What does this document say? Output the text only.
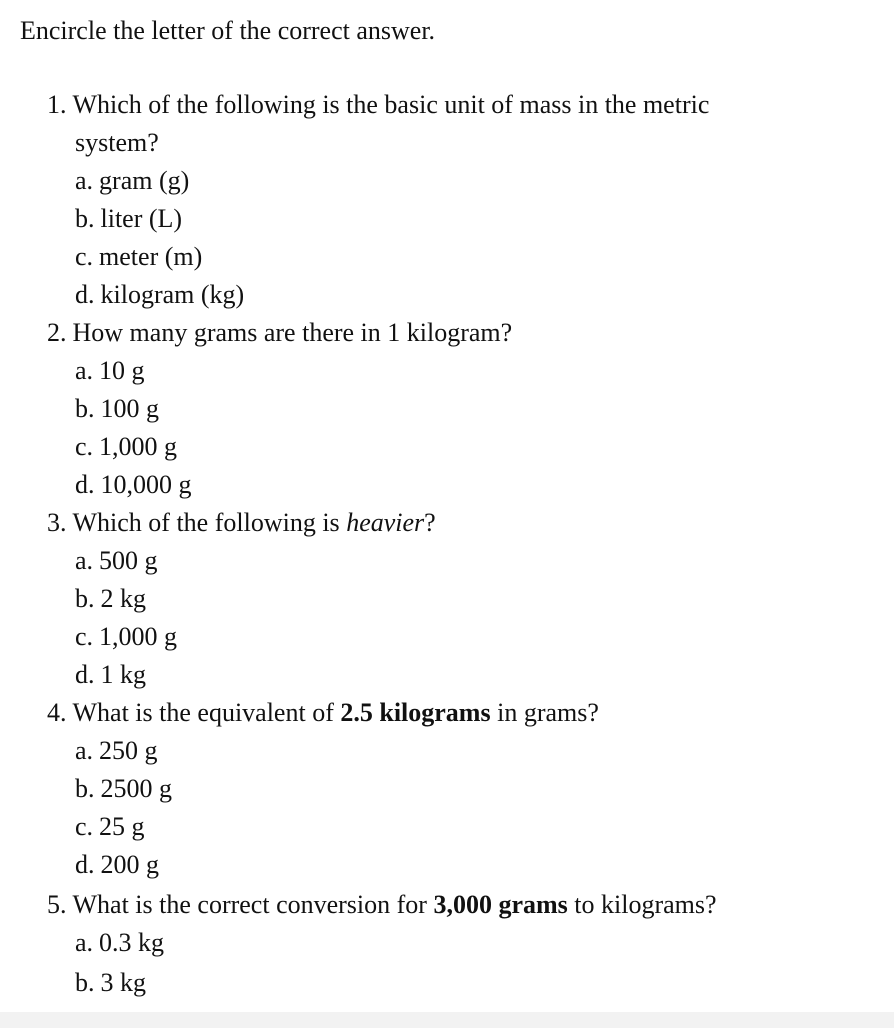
Encircle the letter of the correct answer.
1. Which of the following is the basic unit of mass in the metric
system?
a. gram (g)
b. liter (L)
c. meter (m)
d. kilogram (kg)
2. How many grams are there in 1 kilogram?
a. 10 g
b. 100 g
c. 1,000 g
d. 10,000 g
3. Which of the following is heavier?
a. 500 g
b. 2 kg
c. 1,000 g
d. 1 kg
4. What is the equivalent of 2.5 kilograms in grams?
a. 250 g
b. 2500 g
c. 25 g
d. 200 g
5. What is the correct conversion for 3,000 grams to kilograms?
a. 0.3 kg
b. 3 kg
